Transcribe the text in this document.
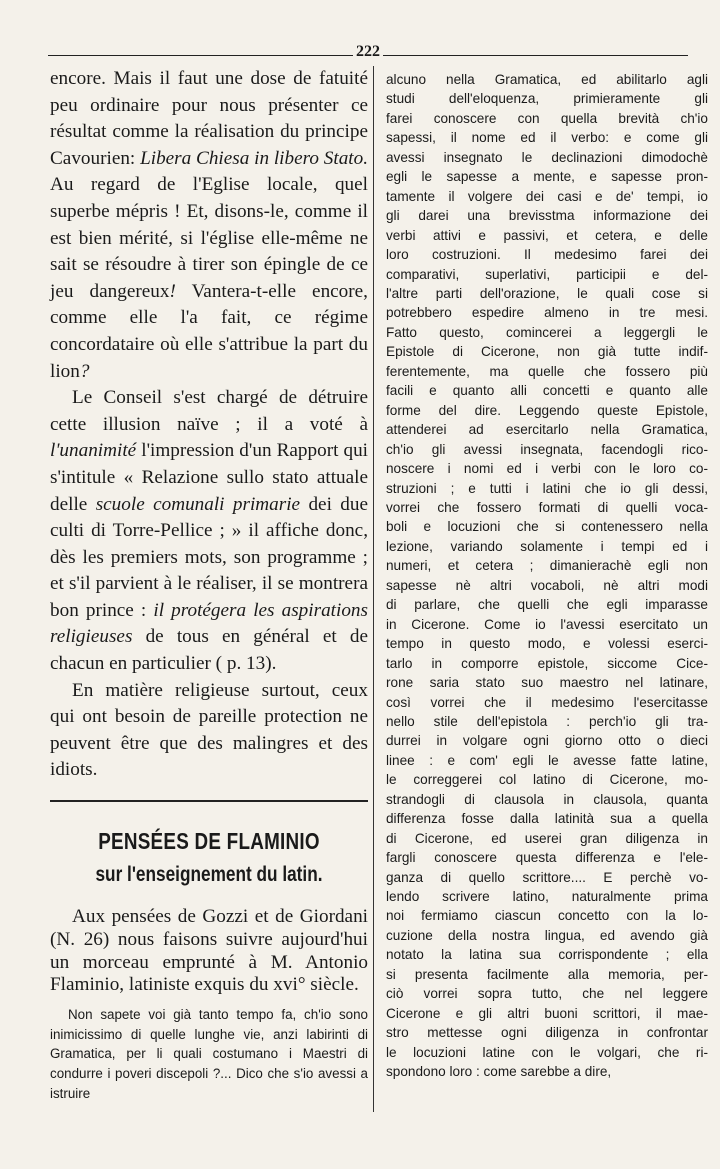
222

encore. Mais il faut une dose de fatuité peu ordinaire pour nous présenter ce résultat comme la réalisation du principe Cavourien: Libera Chiesa in libero Stato. Au regard de l'Eglise locale, quel superbe mépris ! Et, disons-le, comme il est bien mérité, si l'église elle-même ne sait se résoudre à tirer son épingle de ce jeu dangereux! Vantera-t-elle encore, comme elle l'a fait, ce régime concordataire où elle s'attribue la part du lion?

Le Conseil s'est chargé de détruire cette illusion naïve ; il a voté à l'unanimité l'impression d'un Rapport qui s'intitule « Relazione sullo stato attuale delle scuole comunali primarie dei due culti di Torre-Pellice ; » il affiche donc, dès les premiers mots, son programme ; et s'il parvient à le réaliser, il se montrera bon prince : il protégera les aspirations religieuses de tous en général et de chacun en particulier ( p. 13).

En matière religieuse surtout, ceux qui ont besoin de pareille protection ne peuvent être que des malingres et des idiots.

PENSÉES DE FLAMINIO
sur l'enseignement du latin.

Aux pensées de Gozzi et de Giordani (N. 26) nous faisons suivre aujourd'hui un morceau emprunté à M. Antonio Flaminio, latiniste exquis du xvi° siècle.

Non sapete voi già tanto tempo fa, ch'io sono inimicissimo di quelle lunghe vie, anzi labirinti di Gramatica, per li quali costumano i Maestri di condurre i poveri discepoli ?... Dico che s'io avessi a istruire

alcuno nella Gramatica, ed abilitarlo agli
studi dell'eloquenza, primieramente gli
farei conoscere con quella brevità ch'io
sapessi, il nome ed il verbo: e come gli
avessi insegnato le declinazioni dimodochè
egli le sapesse a mente, e sapesse pron-
tamente il volgere dei casi e de' tempi, io
gli darei una brevisstma informazione dei
verbi attivi e passivi, et cetera, e delle
loro costruzioni. Il medesimo farei dei
comparativi, superlativi, participii e del-
l'altre parti dell'orazione, le quali cose si
potrebbero espedire almeno in tre mesi.
Fatto questo, comincerei a leggergli le
Epistole di Cicerone, non già tutte indif-
ferentemente, ma quelle che fossero più
facili e quanto alli concetti e quanto alle
forme del dire. Leggendo queste Epistole,
attenderei ad esercitarlo nella Gramatica,
ch'io gli avessi insegnata, facendogli rico-
noscere i nomi ed i verbi con le loro co-
struzioni ; e tutti i latini che io gli dessi,
vorrei che fossero formati di quelli voca-
boli e locuzioni che si contenessero nella
lezione, variando solamente i tempi ed i
numeri, et cetera ; dimanierachè egli non
sapesse nè altri vocaboli, nè altri modi
di parlare, che quelli che egli imparasse
in Cicerone. Come io l'avessi esercitato un
tempo in questo modo, e volessi eserci-
tarlo in comporre epistole, siccome Cice-
rone saria stato suo maestro nel latinare,
così vorrei che il medesimo l'esercitasse
nello stile dell'epistola : perch'io gli tra-
durrei in volgare ogni giorno otto o dieci
linee : e com' egli le avesse fatte latine,
le correggerei col latino di Cicerone, mo-
strandogli di clausola in clausola, quanta
differenza fosse dalla latinità sua a quella
di Cicerone, ed userei gran diligenza in
fargli conoscere questa differenza e l'ele-
ganza di quello scrittore.... E perchè vo-
lendo scrivere latino, naturalmente prima
noi fermiamo ciascun concetto con la lo-
cuzione della nostra lingua, ed avendo già
notato la latina sua corrispondente ; ella
si presenta facilmente alla memoria, per-
ciò vorrei sopra tutto, che nel leggere
Cicerone e gli altri buoni scrittori, il mae-
stro mettesse ogni diligenza in confrontar
le locuzioni latine con le volgari, che ri-
spondono loro : come sarebbe a dire,
